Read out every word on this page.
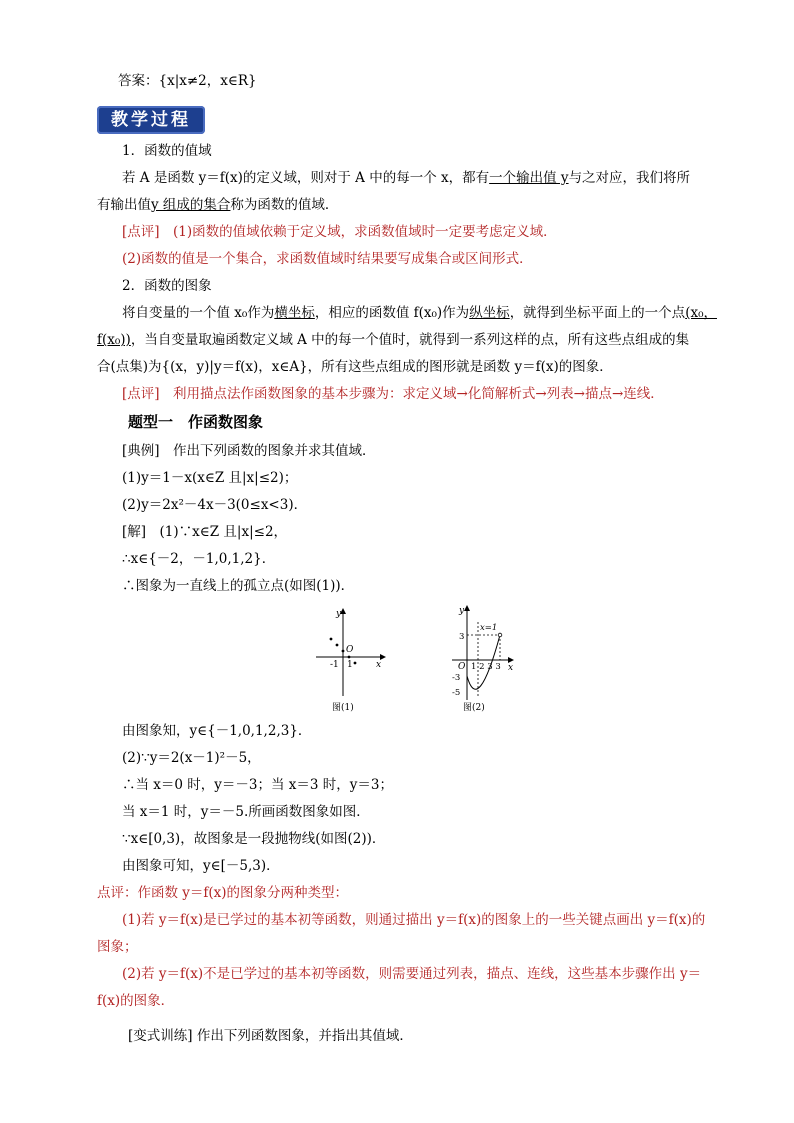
答案：{x|x≠2，x∈R}
教学过程
1．函数的值域
若 A 是函数 y＝f(x)的定义域，则对于 A 中的每一个 x，都有一个输出值 y与之对应，我们将所
有输出值y 组成的集合称为函数的值域．
[点评]　(1)函数的值域依赖于定义域，求函数值域时一定要考虑定义域．
(2)函数的值是一个集合，求函数值域时结果要写成集合或区间形式．
2．函数的图象
将自变量的一个值 x₀作为横坐标，相应的函数值 f(x₀)作为纵坐标，就得到坐标平面上的一个点(x₀，
f(x₀))，当自变量取遍函数定义域 A 中的每一个值时，就得到一系列这样的点，所有这些点组成的集
合(点集)为{(x，y)|y＝f(x)，x∈A}，所有这些点组成的图形就是函数 y＝f(x)的图象．
[点评]　利用描点法作函数图象的基本步骤为：求定义域→化简解析式→列表→描点→连线．
题型一　作函数图象
[典例]　作出下列函数的图象并求其值域．
(1)y＝1－x(x∈Z 且|x|≤2)；
(2)y＝2x²－4x－3(0≤x<3)．
[解]　(1)∵x∈Z 且|x|≤2，
∴x∈{－2，－1,0,1,2}．
∴图象为一直线上的孤立点(如图(1))．
y
x
O
-1 1
图(1)
y
x
O 1 2 3 3
3
-3
-5
x=1
图(2)
由图象知，y∈{－1,0,1,2,3}．
(2)∵y＝2(x－1)²－5，
∴当 x＝0 时，y＝－3；当 x＝3 时，y＝3；
当 x＝1 时，y＝－5.所画函数图象如图．
∵x∈[0,3)，故图象是一段抛物线(如图(2))．
由图象可知，y∈[－5,3)．
点评：作函数 y＝f(x)的图象分两种类型：
(1)若 y＝f(x)是已学过的基本初等函数，则通过描出 y＝f(x)的图象上的一些关键点画出 y＝f(x)的
图象；
(2)若 y＝f(x)不是已学过的基本初等函数，则需要通过列表，描点、连线，这些基本步骤作出 y＝
f(x)的图象．
[变式训练] 作出下列函数图象，并指出其值域．
